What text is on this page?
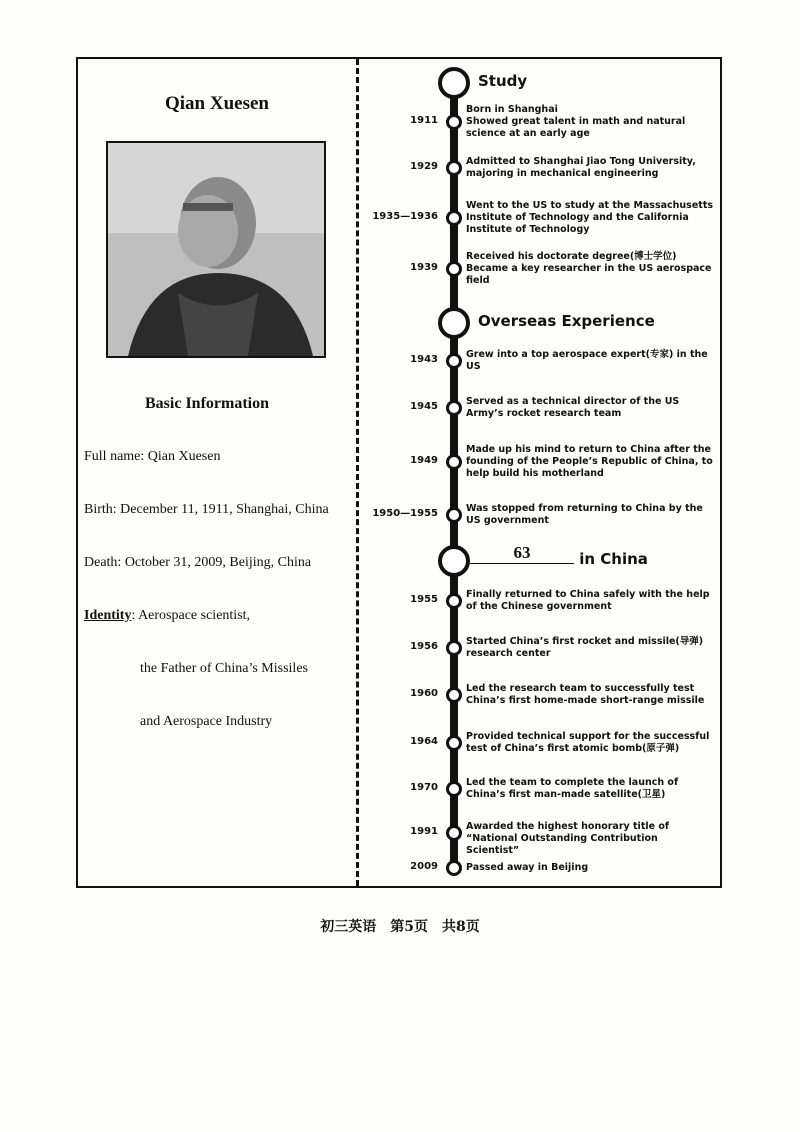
Qian Xuesen
Basic Information
Full name: Qian Xuesen
Birth: December 11, 1911, Shanghai, China
Death: October 31, 2009, Beijing, China
Identity: Aerospace scientist,
the Father of China’s Missiles
and Aerospace Industry
Study
Overseas Experience
63	in China
1911
Born in Shanghai
Showed great talent in math and natural science at an early age
1929	Admitted to Shanghai Jiao Tong University, majoring in mechanical engineering
1935—1936
Went to the US to study at the Massachusetts Institute of Technology and the California Institute of Technology
1939
Received his doctorate degree(博士学位)
Became a key researcher in the US aerospace field
1943	Grew into a top aerospace expert(专家) in the US
1945	Served as a technical director of the US Army’s rocket research team
1949
Made up his mind to return to China after the founding of the People’s Republic of China, to help build his motherland
1950—1955	Was stopped from returning to China by the US government
1955	Finally returned to China safely with the help of the Chinese government
1956	Started China’s first rocket and missile(导弹) research center
1960	Led the research team to successfully test China’s first home-made short-range missile
1964	Provided technical support for the successful test of China’s first atomic bomb(原子弹)
1970	Led the team to complete the launch of China’s first man-made satellite(卫星)
1991	Awarded the highest honorary title of “National Outstanding Contribution Scientist”
2009	Passed away in Beijing
初三英语　第5页　共8页
